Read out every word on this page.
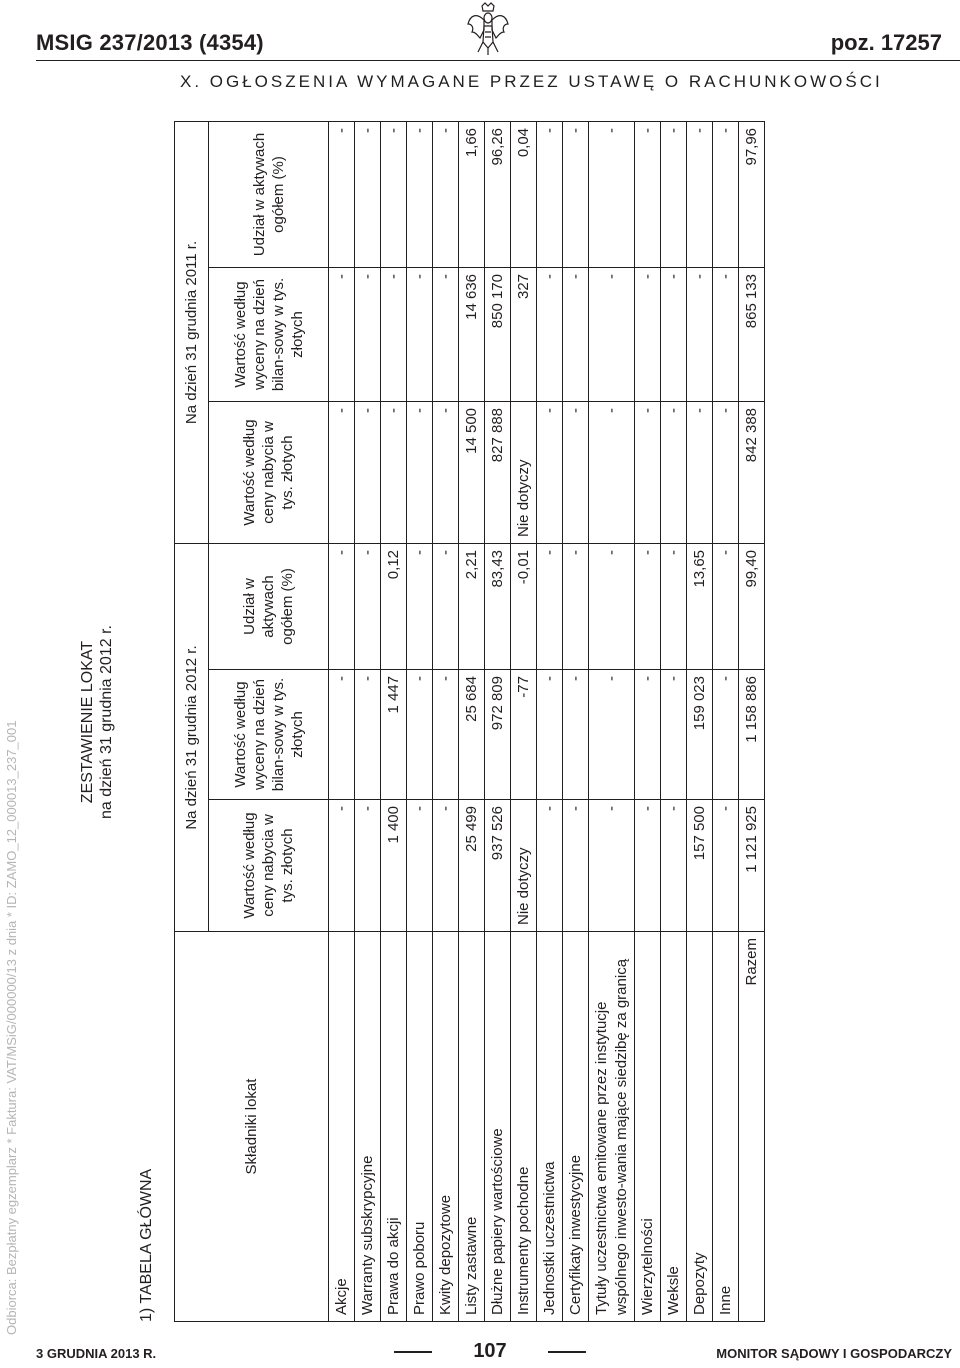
Odbiorca: Bezpłatny egzemplarz * Faktura: VAT/MSiG/000000/13 z dnia * ID: ZAMO_12_000013_237_001
MSIG 237/2013 (4354)	poz. 17257
X. OGŁOSZENIA WYMAGANE PRZEZ USTAWĘ O RACHUNKOWOŚCI
ZESTAWIENIE LOKAT na dzień 31 grudnia 2012 r.
1) TABELA GŁÓWNA
Składniki lokat	Na dzień 31 grudnia 2012 r.			Na dzień 31 grudnia 2011 r.		
	Wartość według ceny nabycia w tys. złotych	Wartość według wyceny na dzień bilan-sowy w tys. złotych	Udział w aktywach ogółem (%)	Wartość według ceny nabycia w tys. złotych	Wartość według wyceny na dzień bilan-sowy w tys. złotych	Udział w aktywach ogółem (%)
Akcje	-	-	-	-	-	-
Warranty subskrypcyjne	-	-	-	-	-	-
Prawa do akcji	1 400	1 447	0,12	-	-	-
Prawo poboru	-	-	-	-	-	-
Kwity depozytowe	-	-	-	-	-	-
Listy zastawne	25 499	25 684	2,21	14 500	14 636	1,66
Dłużne papiery wartościowe	937 526	972 809	83,43	827 888	850 170	96,26
Instrumenty pochodne	Nie dotyczy	-77	-0,01	Nie dotyczy	327	0,04
Jednostki uczestnictwa	-	-	-	-	-	-
Certyfikaty inwestycyjne	-	-	-	-	-	-
Tytuły uczestnictwa emitowane przez instytucje wspólnego inwesto-wania mające siedzibę za granicą	-	-	-	-	-	-
Wierzytelności	-	-	-	-	-	-
Weksle	-	-	-	-	-	-
Depozyty	157 500	159 023	13,65	-	-	-
Inne	-	-	-	-	-	-
Razem	1 121 925	1 158 886	99,40	842 388	865 133	97,96
3 GRUDNIA 2013 R.	107	MONITOR SĄDOWY I GOSPODARCZY
